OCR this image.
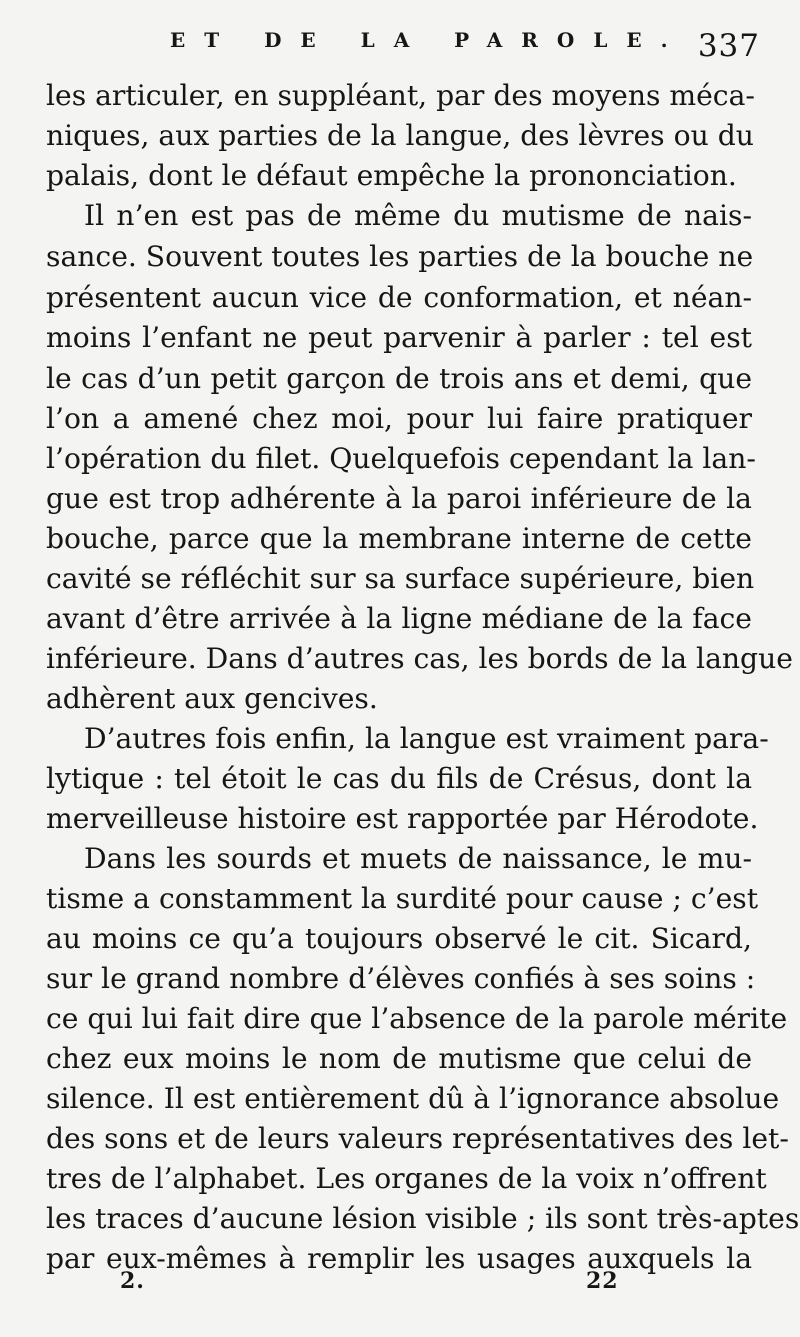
ET DE LA PAROLE. 337
les articuler, en suppléant, par des moyens méca-
niques, aux parties de la langue, des lèvres ou du
palais, dont le défaut empêche la prononciation.
Il n’en est pas de même du mutisme de nais-
sance. Souvent toutes les parties de la bouche ne
présentent aucun vice de conformation, et néan-
moins l’enfant ne peut parvenir à parler : tel est
le cas d’un petit garçon de trois ans et demi, que
l’on a amené chez moi, pour lui faire pratiquer
l’opération du filet. Quelquefois cependant la lan-
gue est trop adhérente à la paroi inférieure de la
bouche, parce que la membrane interne de cette
cavité se réfléchit sur sa surface supérieure, bien
avant d’être arrivée à la ligne médiane de la face
inférieure. Dans d’autres cas, les bords de la langue
adhèrent aux gencives.
D’autres fois enfin, la langue est vraiment para-
lytique : tel étoit le cas du fils de Crésus, dont la
merveilleuse histoire est rapportée par Hérodote.
Dans les sourds et muets de naissance, le mu-
tisme a constamment la surdité pour cause ; c’est
au moins ce qu’a toujours observé le cit. Sicard,
sur le grand nombre d’élèves confiés à ses soins :
ce qui lui fait dire que l’absence de la parole mérite
chez eux moins le nom de mutisme que celui de
silence. Il est entièrement dû à l’ignorance absolue
des sons et de leurs valeurs représentatives des let-
tres de l’alphabet. Les organes de la voix n’offrent
les traces d’aucune lésion visible ; ils sont très-aptes
par eux-mêmes à remplir les usages auxquels la
2.	22
